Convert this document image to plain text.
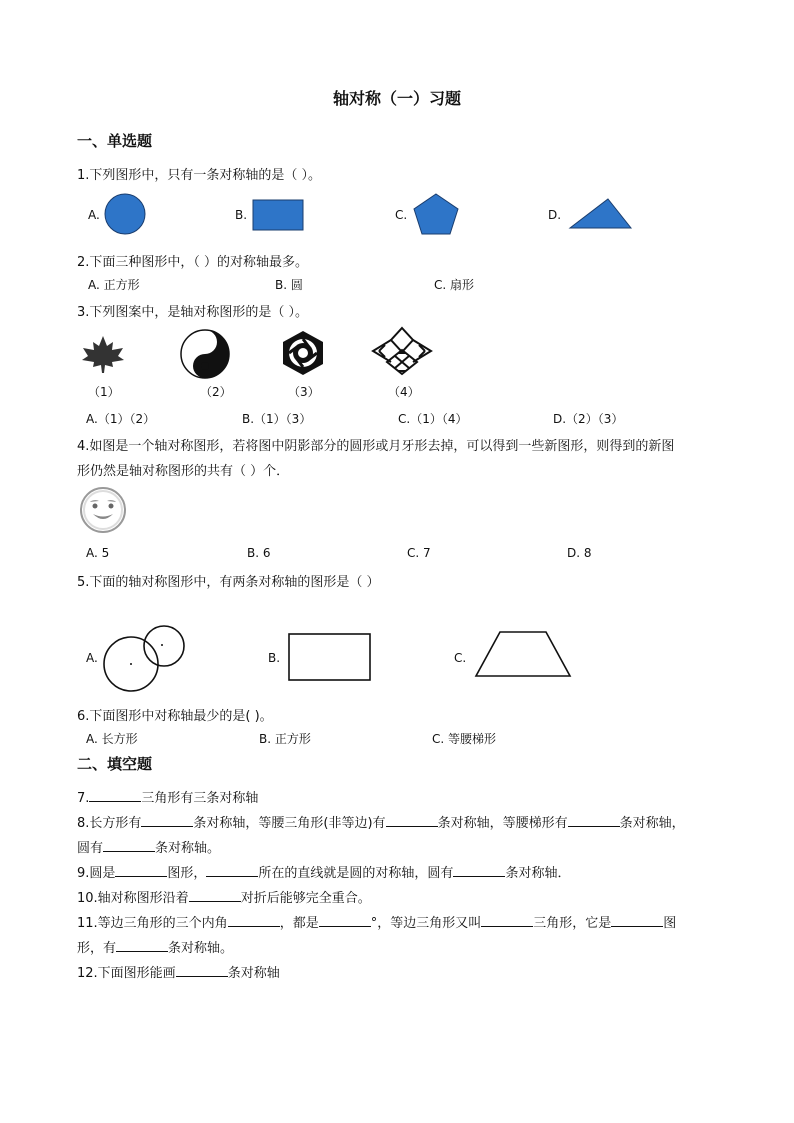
轴对称（一）习题
一、单选题
1.下列图形中，只有一条对称轴的是（ ）。
A.	B.	C.	D.
2.下面三种图形中，（ ）的对称轴最多。
A. 正方形	B. 圆	C. 扇形
3.下列图案中，是轴对称图形的是（ ）。
（1）	（2）	（3）	（4）
A.（1）（2）	B.（1）（3）	C.（1）（4）	D.（2）（3）
4.如图是一个轴对称图形，若将图中阴影部分的圆形或月牙形去掉，可以得到一些新图形，则得到的新图
形仍然是轴对称图形的共有（ ）个．
A. 5	B. 6	C. 7	D. 8
5.下面的轴对称图形中，有两条对称轴的图形是（ ）
A.	B.	C.
6.下面图形中对称轴最少的是( )。
A. 长方形	B. 正方形	C. 等腰梯形
二、填空题
7.	三角形有三条对称轴
8.长方形有	条对称轴，等腰三角形(非等边)有	条对称轴，等腰梯形有	条对称轴，
圆有	条对称轴。
9.圆是	图形，	所在的直线就是圆的对称轴，圆有	条对称轴．
10.轴对称图形沿着	对折后能够完全重合。
11.等边三角形的三个内角	，都是	°，等边三角形又叫	三角形，它是	图
形，有	条对称轴。
12.下面图形能画	条对称轴
